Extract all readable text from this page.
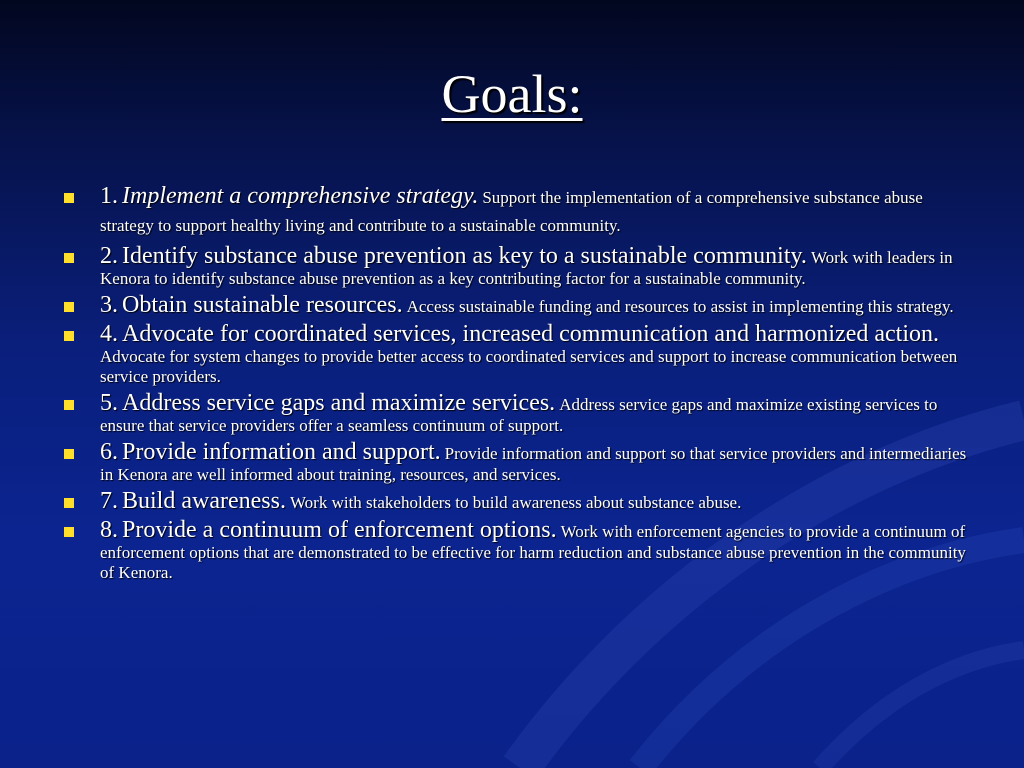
Goals:
1. Implement a comprehensive strategy. Support the implementation of a comprehensive substance abuse strategy to support healthy living and contribute to a sustainable community.
2. Identify substance abuse prevention as key to a sustainable community. Work with leaders in Kenora to identify substance abuse prevention as a key contributing factor for a sustainable community.
3. Obtain sustainable resources. Access sustainable funding and resources to assist in implementing this strategy.
4. Advocate for coordinated services, increased communication and harmonized action. Advocate for system changes to provide better access to coordinated services and support to increase communication between service providers.
5. Address service gaps and maximize services. Address service gaps and maximize existing services to ensure that service providers offer a seamless continuum of support.
6. Provide information and support. Provide information and support so that service providers and intermediaries in Kenora are well informed about training, resources, and services.
7. Build awareness. Work with stakeholders to build awareness about substance abuse.
8. Provide a continuum of enforcement options. Work with enforcement agencies to provide a continuum of enforcement options that are demonstrated to be effective for harm reduction and substance abuse prevention in the community of Kenora.
